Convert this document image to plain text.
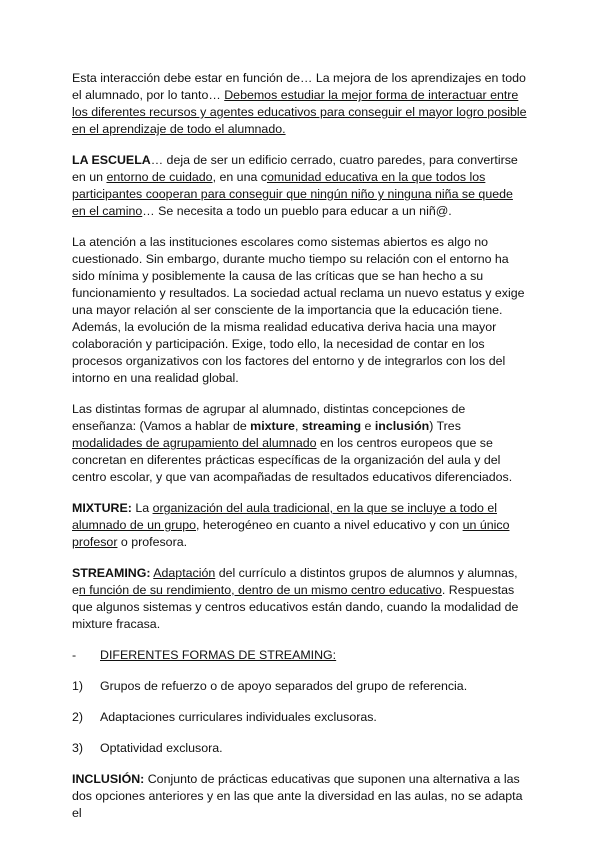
Esta interacción debe estar en función de… La mejora de los aprendizajes en todo el alumnado, por lo tanto… Debemos estudiar la mejor forma de interactuar entre los diferentes recursos y agentes educativos para conseguir el mayor logro posible en el aprendizaje de todo el alumnado.

LA ESCUELA… deja de ser un edificio cerrado, cuatro paredes, para convertirse en un entorno de cuidado, en una comunidad educativa en la que todos los participantes cooperan para conseguir que ningún niño y ninguna niña se quede en el camino… Se necesita a todo un pueblo para educar a un niñ@.

La atención a las instituciones escolares como sistemas abiertos es algo no cuestionado. Sin embargo, durante mucho tiempo su relación con el entorno ha sido mínima y posiblemente la causa de las críticas que se han hecho a su funcionamiento y resultados. La sociedad actual reclama un nuevo estatus y exige una mayor relación al ser consciente de la importancia que la educación tiene. Además, la evolución de la misma realidad educativa deriva hacia una mayor colaboración y participación. Exige, todo ello, la necesidad de contar en los procesos organizativos con los factores del entorno y de integrarlos con los del intorno en una realidad global.

Las distintas formas de agrupar al alumnado, distintas concepciones de enseñanza: (Vamos a hablar de mixture, streaming e inclusión) Tres modalidades de agrupamiento del alumnado en los centros europeos que se concretan en diferentes prácticas específicas de la organización del aula y del centro escolar, y que van acompañadas de resultados educativos diferenciados.

MIXTURE: La organización del aula tradicional, en la que se incluye a todo el alumnado de un grupo, heterogéneo en cuanto a nivel educativo y con un único profesor o profesora.

STREAMING: Adaptación del currículo a distintos grupos de alumnos y alumnas, en función de su rendimiento, dentro de un mismo centro educativo. Respuestas que algunos sistemas y centros educativos están dando, cuando la modalidad de mixture fracasa.

-	DIFERENTES FORMAS DE STREAMING:
1)	Grupos de refuerzo o de apoyo separados del grupo de referencia.
2)	Adaptaciones curriculares individuales exclusoras.
3)	Optatividad exclusora.

INCLUSIÓN: Conjunto de prácticas educativas que suponen una alternativa a las dos opciones anteriores y en las que ante la diversidad en las aulas, no se adapta el
